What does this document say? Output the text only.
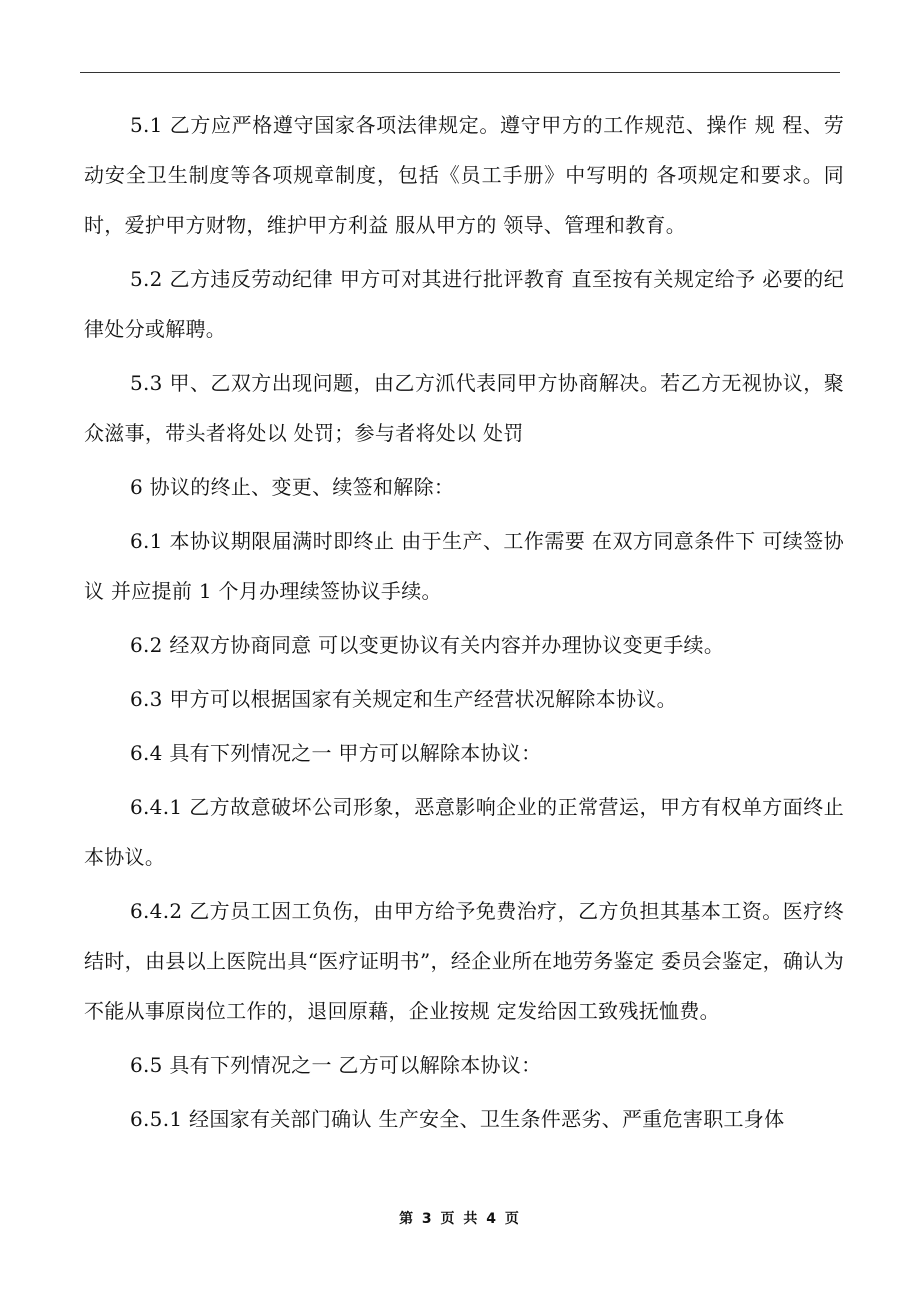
5.1 乙方应严格遵守国家各项法律规定。遵守甲方的工作规范、操作 规 程、劳动安全卫生制度等各项规章制度，包括《员工手册》中写明的 各项规定和要求。同时，爱护甲方财物，维护甲方利益 服从甲方的 领导、管理和教育。

5.2 乙方违反劳动纪律 甲方可对其进行批评教育 直至按有关规定给予 必要的纪律处分或解聘。

5.3 甲、乙双方出现问题，由乙方沠代表同甲方协商解决。若乙方无视协议，聚众滋事，带头者将处以 处罚；参与者将处以 处罚

6 协议的终止、变更、续签和解除：

6.1 本协议期限届满时即终止 由于生产、工作需要 在双方同意条件下 可续签协议 并应提前 1 个月办理续签协议手续。

6.2 经双方协商同意 可以变更协议有关内容并办理协议变更手续。

6.3 甲方可以根据国家有关规定和生产经营状况解除本协议。

6.4 具有下列情况之一 甲方可以解除本协议：

6.4.1 乙方故意破坏公司形象，恶意影响企业的正常营运，甲方有权单方面终止本协议。

6.4.2 乙方员工因工负伤，由甲方给予免费治疗，乙方负担其基本工资。医疗终结时，由县以上医院出具“医疗证明书”，经企业所在地劳务鉴定 委员会鉴定，确认为不能从事原岗位工作的，退回原藉，企业按规 定发给因工致残抚恤费。

6.5 具有下列情况之一 乙方可以解除本协议：

6.5.1 经国家有关部门确认 生产安全、卫生条件恶劣、严重危害职工身体

第 3 页 共 4 页
